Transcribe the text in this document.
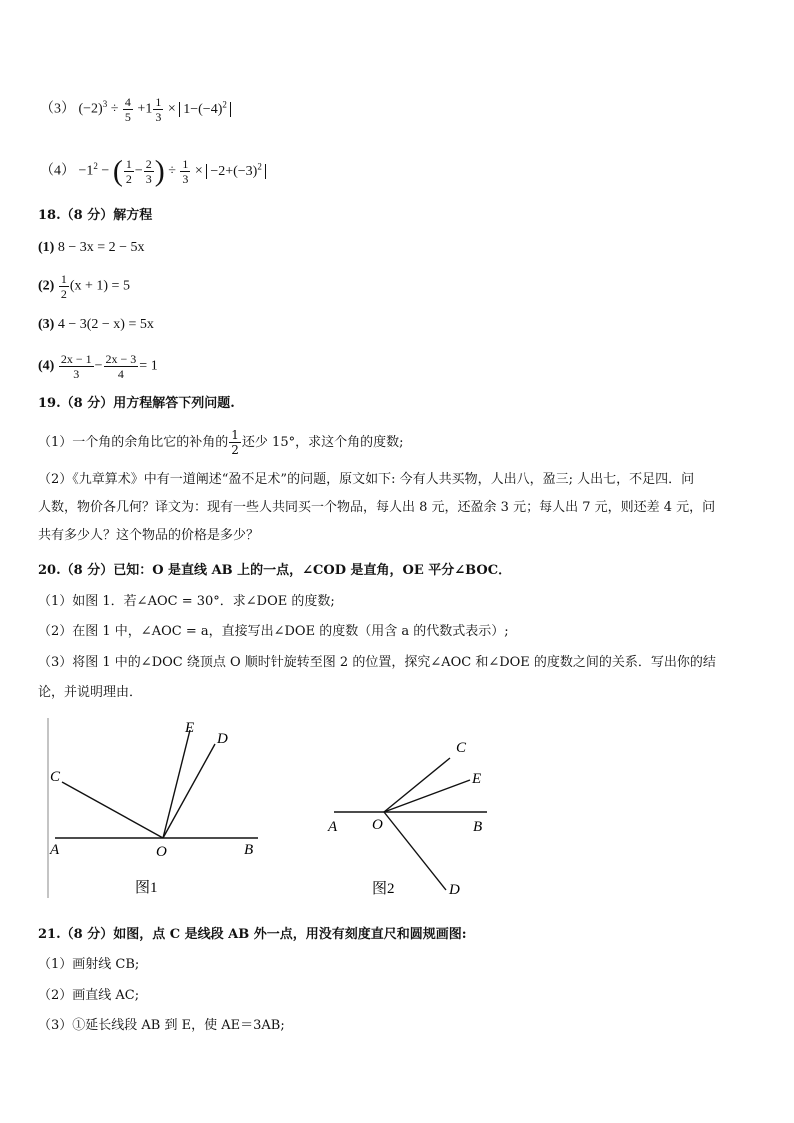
（3） $(-2)^3 \div \frac{4}{5} +1 \frac{1}{3} \times 1-(-4)^2$
$(4) -1^2$ − ( $\frac{1}{2} - \frac{2}{3}$ ) ÷ $\frac{1}{3} \times -2+(-3)^2$
18.（8 分）解方程
(1) 8 − 3x = 2 − 5x
$(2) \frac{1}{2} (x + 1) = 5$
(3) 4 − 3(2 − x) = 5x
$(4) \frac{2x - 1}{3} - \frac{2x - 3}{4} = 1$
19.（8 分）用方程解答下列问题.
（1）一个角的余角比它的补角的 $\frac{1}{2}$ 还少 15°，求这个角的度数;
（2）《九章算术》中有一道阐述“盈不足术”的问题，原文如下: 今有人共买物，人出八，盈三; 人出七，不足四．问
人数，物价各几何？译文为：现有一些人共同买一个物品，每人出 8 元，还盈余 3 元；每人出 7 元，则还差 4 元，问
共有多少人？这个物品的价格是多少？
20.（8 分）已知：O 是直线 AB 上的一点，∠COD 是直角，OE 平分∠BOC．
（1）如图 1．若∠AOC = 30°．求∠DOE 的度数;
（2）在图 1 中，∠AOC = a，直接写出∠DOE 的度数（用含 a 的代数式表示）;
（3）将图 1 中的∠DOC 绕顶点 O 顺时针旋转至图 2 的位置，探究∠AOC 和∠DOE 的度数之间的关系．写出你的结
论，并说明理由．
E
D
C
A	O	B
图1
C
E
A O	B
D
图2
21.（8 分）如图，点 C 是线段 AB 外一点，用没有刻度直尺和圆规画图:
（1）画射线 CB;
（2）画直线 AC;
（3）①延长线段 AB 到 E，使 AE＝3AB;
